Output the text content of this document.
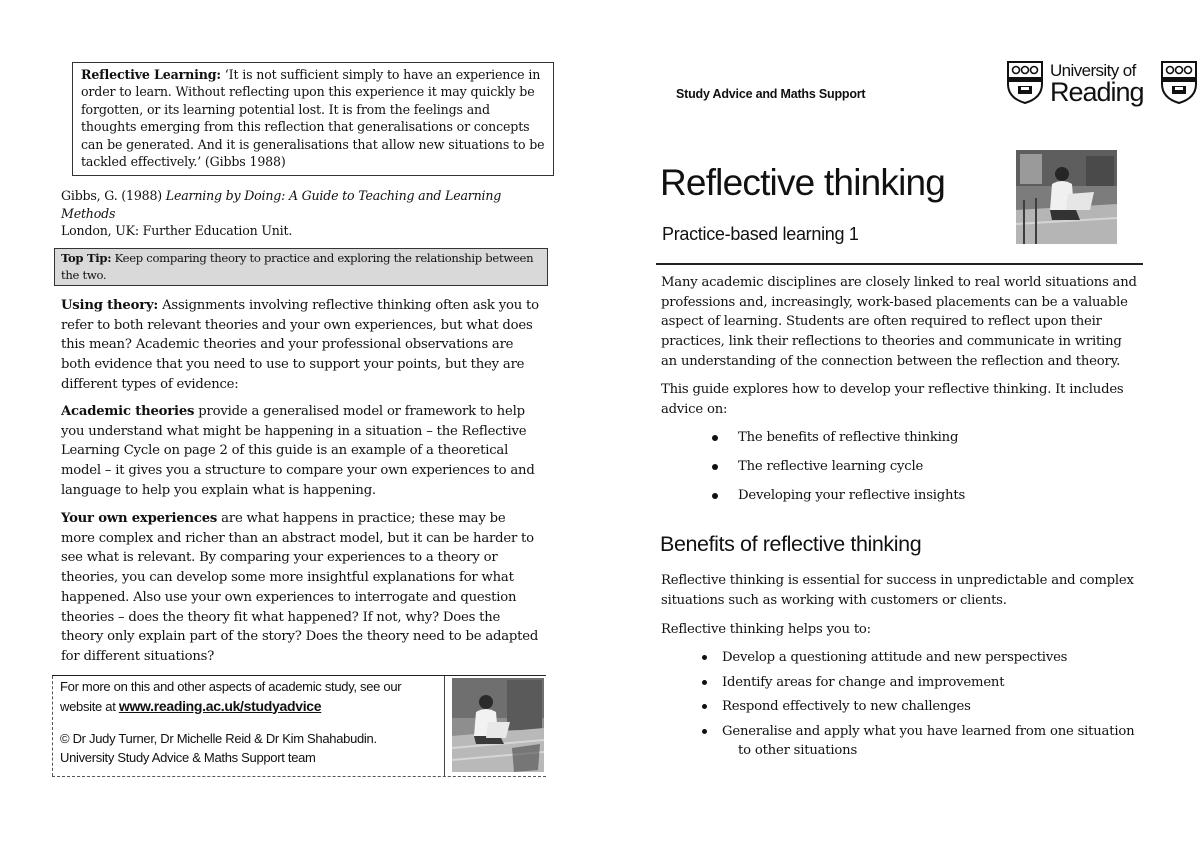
Reflective Learning: ‘It is not sufficient simply to have an experience in order to learn. Without reflecting upon this experience it may quickly be forgotten, or its learning potential lost. It is from the feelings and thoughts emerging from this reflection that generalisations or concepts can be generated. And it is generalisations that allow new situations to be tackled effectively.’ (Gibbs 1988)
Gibbs, G. (1988) Learning by Doing: A Guide to Teaching and Learning Methods
London, UK: Further Education Unit.
Top Tip: Keep comparing theory to practice and exploring the relationship between the two.
Using theory: Assignments involving reflective thinking often ask you to refer to both relevant theories and your own experiences, but what does this mean? Academic theories and your professional observations are both evidence that you need to use to support your points, but they are different types of evidence:
Academic theories provide a generalised model or framework to help you understand what might be happening in a situation – the Reflective Learning Cycle on page 2 of this guide is an example of a theoretical model – it gives you a structure to compare your own experiences to and language to help you explain what is happening.
Your own experiences are what happens in practice; these may be more complex and richer than an abstract model, but it can be harder to see what is relevant. By comparing your experiences to a theory or theories, you can develop some more insightful explanations for what happened. Also use your own experiences to interrogate and question theories – does the theory fit what happened? If not, why? Does the theory only explain part of the story? Does the theory need to be adapted for different situations?
For more on this and other aspects of academic study, see our
website at www.reading.ac.uk/studyadvice
© Dr Judy Turner, Dr Michelle Reid & Dr Kim Shahabudin.
University Study Advice & Maths Support team
Study Advice and Maths Support
University of
Reading
Reflective thinking
Practice-based learning 1
Many academic disciplines are closely linked to real world situations and professions and, increasingly, work-based placements can be a valuable aspect of learning. Students are often required to reflect upon their practices, link their reflections to theories and communicate in writing an understanding of the connection between the reflection and theory.
This guide explores how to develop your reflective thinking. It includes advice on:
The benefits of reflective thinking
The reflective learning cycle
Developing your reflective insights
Benefits of reflective thinking
Reflective thinking is essential for success in unpredictable and complex situations such as working with customers or clients.
Reflective thinking helps you to:
Develop a questioning attitude and new perspectives
Identify areas for change and improvement
Respond effectively to new challenges
Generalise and apply what you have learned from one situation
to other situations
